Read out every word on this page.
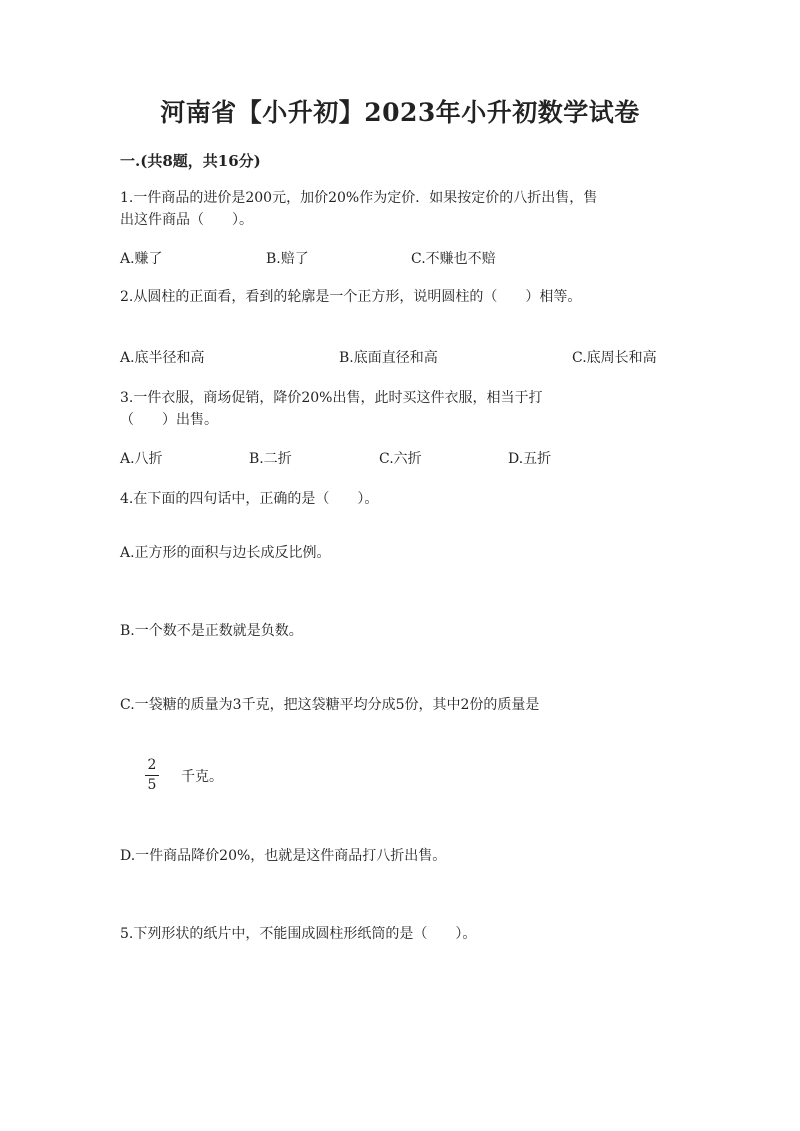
河南省【小升初】2023年小升初数学试卷
一.(共8题，共16分)
1.一件商品的进价是200元，加价20%作为定价．如果按定价的八折出售，售
出这件商品（　　）。
A.赚了	B.赔了	C.不赚也不赔
2.从圆柱的正面看，看到的轮廓是一个正方形，说明圆柱的（　　）相等。
A.底半径和高	B.底面直径和高	C.底周长和高
3.一件衣服，商场促销，降价20%出售，此时买这件衣服，相当于打
（　　）出售。
A.八折	B.二折	C.六折	D.五折
4.在下面的四句话中，正确的是（　　）。
A.正方形的面积与边长成反比例。
B.一个数不是正数就是负数。
C.一袋糖的质量为3千克，把这袋糖平均分成5份，其中2份的质量是
2
5	千克。
D.一件商品降价20%，也就是这件商品打八折出售。
5.下列形状的纸片中，不能围成圆柱形纸筒的是（　　）。
